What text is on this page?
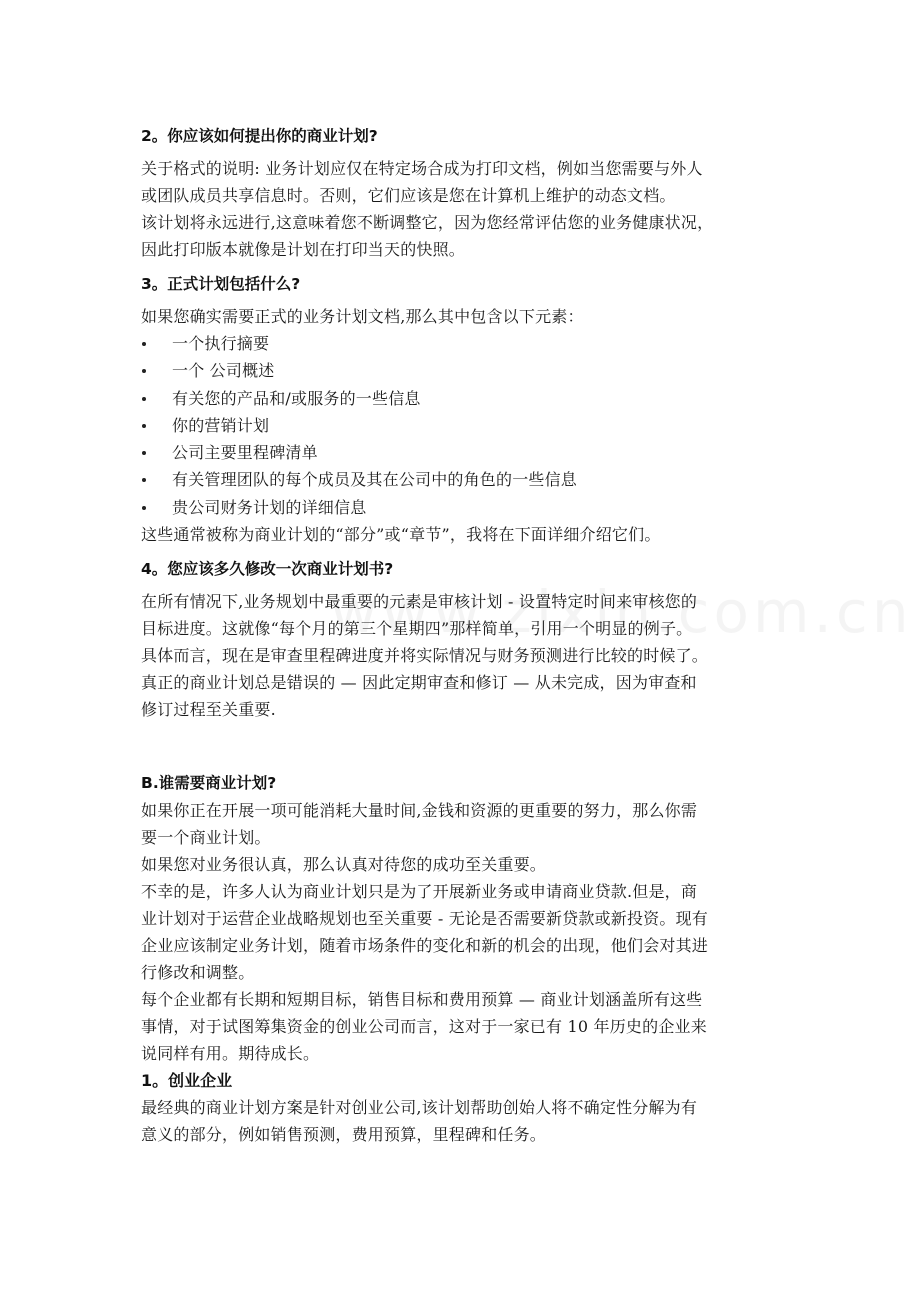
2。你应该如何提出你的商业计划?

关于格式的说明: 业务计划应仅在特定场合成为打印文档，例如当您需要与外人

或团队成员共享信息时。否则，它们应该是您在计算机上维护的动态文档。

该计划将永远进行,这意味着您不断调整它，因为您经常评估您的业务健康状况，

因此打印版本就像是计划在打印当天的快照。

3。正式计划包括什么?

如果您确实需要正式的业务计划文档,那么其中包含以下元素：

一个执行摘要
一个 公司概述
有关您的产品和/或服务的一些信息
你的营销计划
公司主要里程碑清单
有关管理团队的每个成员及其在公司中的角色的一些信息
贵公司财务计划的详细信息

这些通常被称为商业计划的“部分”或“章节”，我将在下面详细介绍它们。

4。您应该多久修改一次商业计划书?

在所有情况下,业务规划中最重要的元素是审核计划 - 设置特定时间来审核您的

目标进度。这就像“每个月的第三个星期四”那样简单，引用一个明显的例子。

具体而言，现在是审查里程碑进度并将实际情况与财务预测进行比较的时候了。

真正的商业计划总是错误的 — 因此定期审查和修订 — 从未完成，因为审查和

修订过程至关重要.

B.谁需要商业计划?

如果你正在开展一项可能消耗大量时间,金钱和资源的更重要的努力，那么你需

要一个商业计划。

如果您对业务很认真，那么认真对待您的成功至关重要。

不幸的是，许多人认为商业计划只是为了开展新业务或申请商业贷款.但是，商

业计划对于运营企业战略规划也至关重要 - 无论是否需要新贷款或新投资。现有

企业应该制定业务计划，随着市场条件的变化和新的机会的出现，他们会对其进

行修改和调整。

每个企业都有长期和短期目标，销售目标和费用预算 — 商业计划涵盖所有这些

事情，对于试图筹集资金的创业公司而言，这对于一家已有 10 年历史的企业来

说同样有用。期待成长。

1。创业企业

最经典的商业计划方案是针对创业公司,该计划帮助创始人将不确定性分解为有

意义的部分，例如销售预测，费用预算，里程碑和任务。
